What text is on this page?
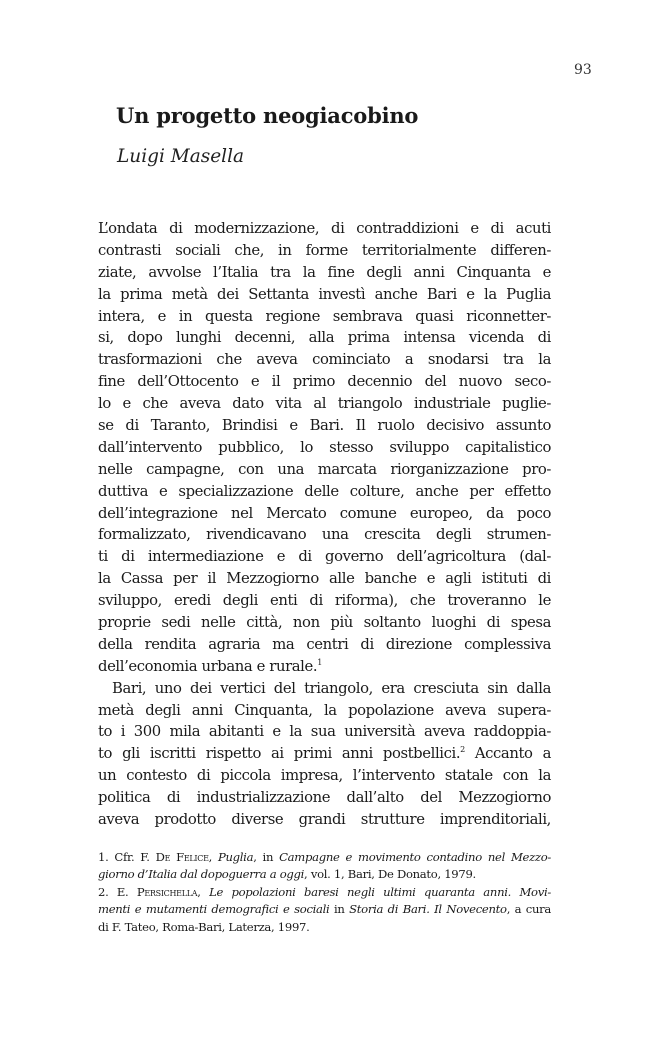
93
Un progetto neogiacobino
Luigi Masella
L’ondata di modernizzazione, di contraddizioni e di acuti
contrasti sociali che, in forme territorialmente differen-
ziate, avvolse l’Italia tra la fine degli anni Cinquanta e
la prima metà dei Settanta investì anche Bari e la Puglia
intera, e in questa regione sembrava quasi riconnetter-
si, dopo lunghi decenni, alla prima intensa vicenda di
trasformazioni che aveva cominciato a snodarsi tra la
fine dell’Ottocento e il primo decennio del nuovo seco-
lo e che aveva dato vita al triangolo industriale puglie-
se di Taranto, Brindisi e Bari. Il ruolo decisivo assunto
dall’intervento pubblico, lo stesso sviluppo capitalistico
nelle campagne, con una marcata riorganizzazione pro-
duttiva e specializzazione delle colture, anche per effetto
dell’integrazione nel Mercato comune europeo, da poco
formalizzato, rivendicavano una crescita degli strumen-
ti di intermediazione e di governo dell’agricoltura (dal-
la Cassa per il Mezzogiorno alle banche e agli istituti di
sviluppo, eredi degli enti di riforma), che troveranno le
proprie sedi nelle città, non più soltanto luoghi di spesa
della rendita agraria ma centri di direzione complessiva
dell’economia urbana e rurale.$^1$
Bari, uno dei vertici del triangolo, era cresciuta sin dalla
metà degli anni Cinquanta, la popolazione aveva supera-
to i 300 mila abitanti e la sua università aveva raddoppia-
to gli iscritti rispetto ai primi anni postbellici.$^2$ Accanto a
un contesto di piccola impresa, l’intervento statale con la
politica di industrializzazione dall’alto del Mezzogiorno
aveva prodotto diverse grandi strutture imprenditoriali,
1. Cfr. F. De Felice, Puglia, in Campagne e movimento contadino nel Mezzo-
giorno d’Italia dal dopoguerra a oggi, vol. 1, Bari, De Donato, 1979.
2. E. Persichella, Le popolazioni baresi negli ultimi quaranta anni. Movi-
menti e mutamenti demografici e sociali in Storia di Bari. Il Novecento, a cura
di F. Tateo, Roma-Bari, Laterza, 1997.
